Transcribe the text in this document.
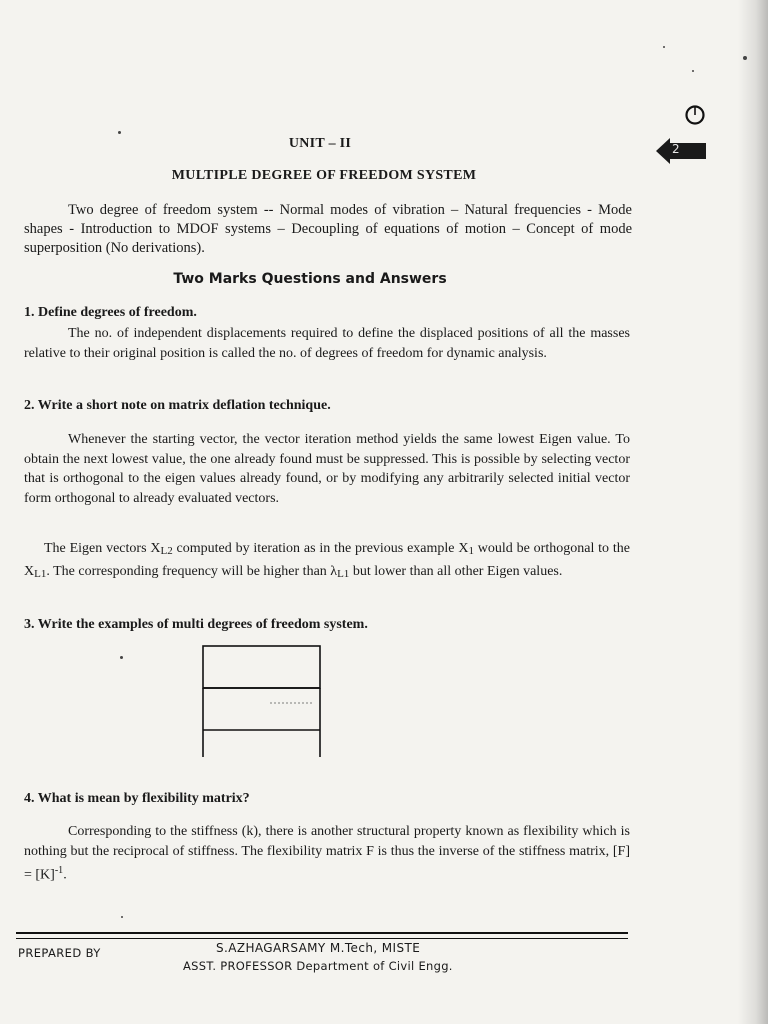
2
UNIT – II
MULTIPLE DEGREE OF FREEDOM SYSTEM
Two degree of freedom system -- Normal modes of vibration – Natural frequencies - Mode shapes - Introduction to MDOF systems – Decoupling of equations of motion – Concept of mode superposition (No derivations).
Two Marks Questions and Answers
1. Define degrees of freedom.
The no. of independent displacements required to define the displaced positions of all the masses relative to their original position is called the no. of degrees of freedom for dynamic analysis.
2. Write a short note on matrix deflation technique.
Whenever the starting vector, the vector iteration method yields the same lowest Eigen value. To obtain the next lowest value, the one already found must be suppressed. This is possible by selecting vector that is orthogonal to the eigen values already found, or by modifying any arbitrarily selected initial vector form orthogonal to already evaluated vectors.
The Eigen vectors $X_{L2}$ computed by iteration as in the previous example $X_1$ would be orthogonal to the $X_{L1}$. The corresponding frequency will be higher than $\lambda_{L1}$ but lower than all other Eigen values.
3. Write the examples of multi degrees of freedom system.
4. What is mean by flexibility matrix?
Corresponding to the stiffness (k), there is another structural property known as flexibility which is nothing but the reciprocal of stiffness. The flexibility matrix F is thus the inverse of the stiffness matrix, $[F] = [K]^{-1}$.
PREPARED BY	S.AZHAGARSAMY M.Tech, MISTE
ASST. PROFESSOR Department of Civil Engg.
